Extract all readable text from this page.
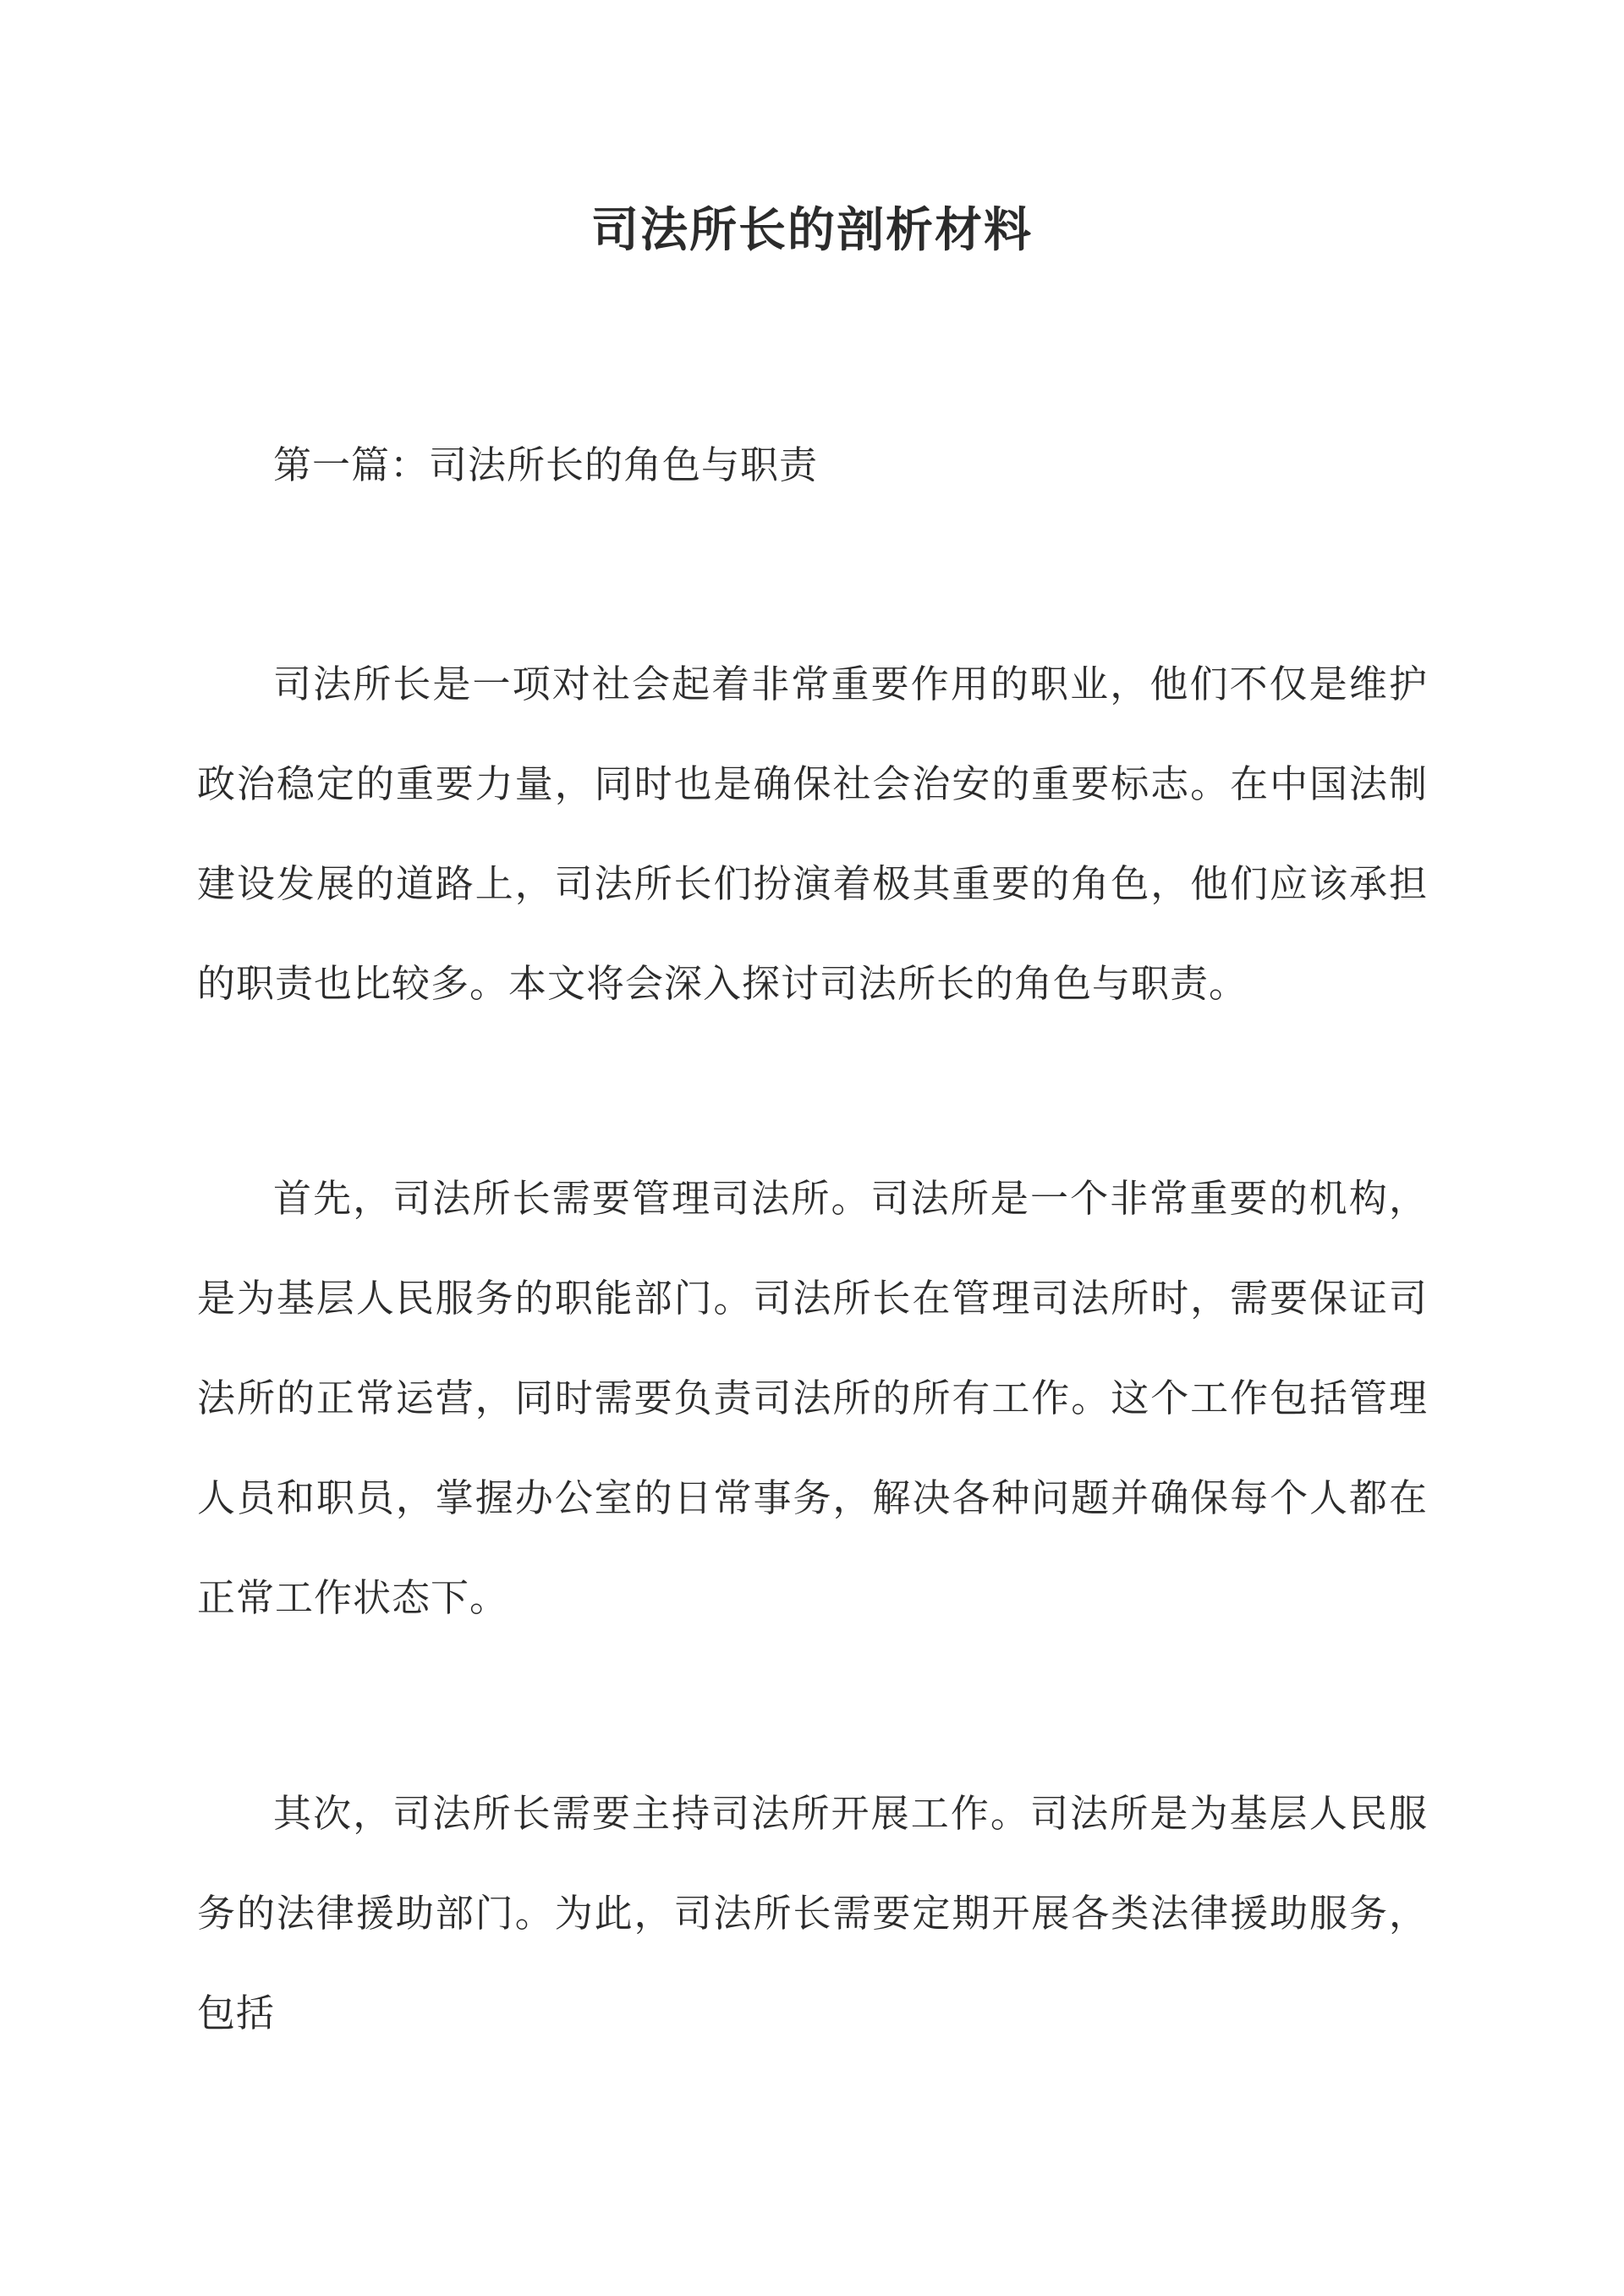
司法所长的剖析材料

第一篇：司法所长的角色与职责

司法所长是一项对社会起着非常重要作用的职业，他们不仅是维护政治稳定的重要力量，同时也是确保社会治安的重要标志。在中国法制建设发展的道路上，司法所长们扮演着极其重要的角色，他们应该承担的职责也比较多。本文将会深入探讨司法所长的角色与职责。

首先，司法所长需要管理司法所。司法所是一个非常重要的机构，是为基层人民服务的职能部门。司法所长在管理司法所时，需要保证司法所的正常运营，同时需要负责司法所的所有工作。这个工作包括管理人员和职员，掌握办公室的日常事务，解决各种问题并确保每个人都在正常工作状态下。

其次，司法所长需要主持司法所开展工作。司法所是为基层人民服务的法律援助部门。为此，司法所长需要定期开展各类法律援助服务，包括
